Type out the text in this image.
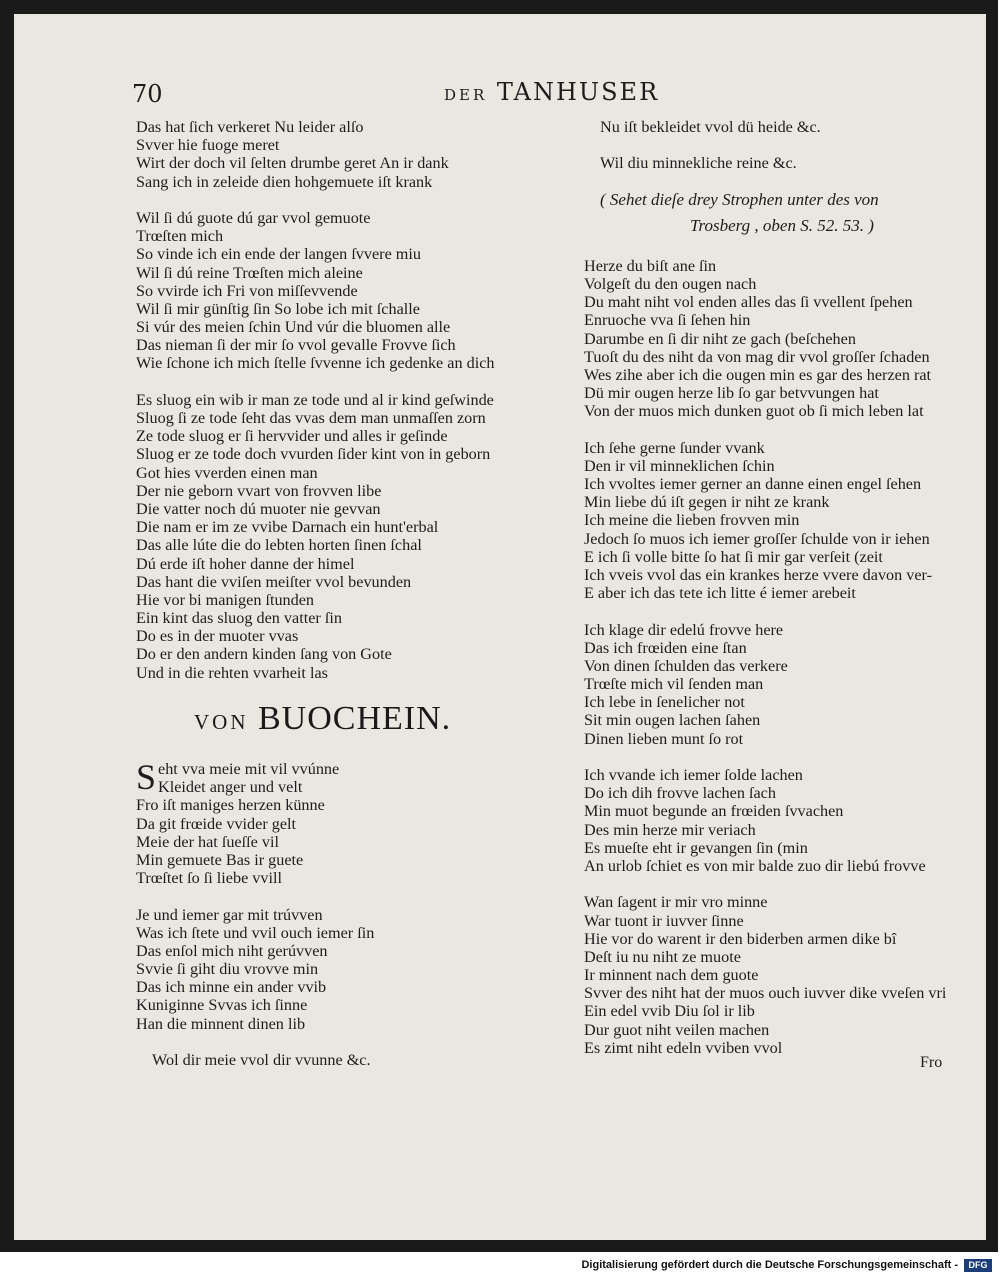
70	DER TANHUSER
Das hat ſich verkeret Nu leider alſo
Svver hie fuoge meret
Wirt der doch vil ſelten drumbe geret An ir dank
Sang ich in zeleide dien hohgemuete iſt krank
Wil ſi dú guote dú gar vvol gemuote
Trœſten mich
So vinde ich ein ende der langen ſvvere miu
Wil ſi dú reine Trœſten mich aleine
So vvirde ich Fri von miſſevvende
Wil ſi mir günſtig ſin So lobe ich mit ſchalle
Si vúr des meien ſchin Und vúr die bluomen alle
Das nieman ſi der mir ſo vvol gevalle Frovve ſich
Wie ſchone ich mich ſtelle ſvvenne ich gedenke an dich
Es sluog ein wib ir man ze tode und al ir kind geſwinde
Sluog ſi ze tode ſeht das vvas dem man unmaſſen zorn
Ze tode sluog er ſi hervvider und alles ir geſinde
Sluog er ze tode doch vvurden ſider kint von in geborn
Got hies vverden einen man
Der nie geborn vvart von frovven libe
Die vatter noch dú muoter nie gevvan
Die nam er im ze vvibe Darnach ein hunt'erbal
Das alle lúte die do lebten horten ſinen ſchal
Dú erde iſt hoher danne der himel
Das hant die vviſen meiſter vvol bevunden
Hie vor bi manigen ſtunden
Ein kint das sluog den vatter ſin
Do es in der muoter vvas
Do er den andern kinden ſang von Gote
Und in die rehten vvarheit las
VON BUOCHEIN.
S eht vva meie mit vil vvúnne
Kleidet anger und velt
Fro iſt maniges herzen künne
Da git frœide vvider gelt
Meie der hat ſueſſe vil
Min gemuete Bas ir guete
Trœſtet ſo ſi liebe vvill
Je und iemer gar mit trúvven
Was ich ſtete und vvil ouch iemer ſin
Das enſol mich niht gerúvven
Svvie ſi giht diu vrovve min
Das ich minne ein ander vvib
Kuniginne Svvas ich ſinne
Han die minnent dinen lib
Wol dir meie vvol dir vvunne &c.
Nu iſt bekleidet vvol dü heide &c.
Wil diu minnekliche reine &c.
( Sehet dieſe drey Strophen unter des von
Trosberg , oben S. 52. 53. )
Herze du biſt ane ſin
Volgeſt du den ougen nach
Du maht niht vol enden alles das ſi vvellent ſpehen
Enruoche vva ſi ſehen hin
Darumbe en ſi dir niht ze gach (beſchehen
Tuoſt du des niht da von mag dir vvol groſſer ſchaden
Wes zihe aber ich die ougen min es gar des herzen rat
Dü mir ougen herze lib ſo gar betvvungen hat
Von der muos mich dunken guot ob ſi mich leben lat
Ich ſehe gerne ſunder vvank
Den ir vil minneklichen ſchin
Ich vvoltes iemer gerner an danne einen engel ſehen
Min liebe dú iſt gegen ir niht ze krank
Ich meine die lieben frovven min
Jedoch ſo muos ich iemer groſſer ſchulde von ir iehen
E ich ſi volle bitte ſo hat ſi mir gar verſeit (zeit
Ich vveis vvol das ein krankes herze vvere davon ver-
E aber ich das tete ich litte é iemer arebeit
Ich klage dir edelú frovve here
Das ich frœiden eine ſtan
Von dinen ſchulden das verkere
Trœſte mich vil ſenden man
Ich lebe in ſenelicher not
Sit min ougen lachen ſahen
Dinen lieben munt ſo rot
Ich vvande ich iemer ſolde lachen
Do ich dih frovve lachen ſach
Min muot begunde an frœiden ſvvachen
Des min herze mir veriach
Es mueſte eht ir gevangen ſin (min
An urlob ſchiet es von mir balde zuo dir liebú frovve
Wan ſagent ir mir vro minne
War tuont ir iuvver ſinne
Hie vor do warent ir den biderben armen dike bî
Deſt iu nu niht ze muote
Ir minnent nach dem guote
Svver des niht hat der muos ouch iuvver dike vveſen vri
Ein edel vvib Diu ſol ir lib
Dur guot niht veilen machen
Es zimt niht edeln vviben vvol
Fro
Digitalisierung gefördert durch die Deutsche Forschungsgemeinschaft -	DFG
